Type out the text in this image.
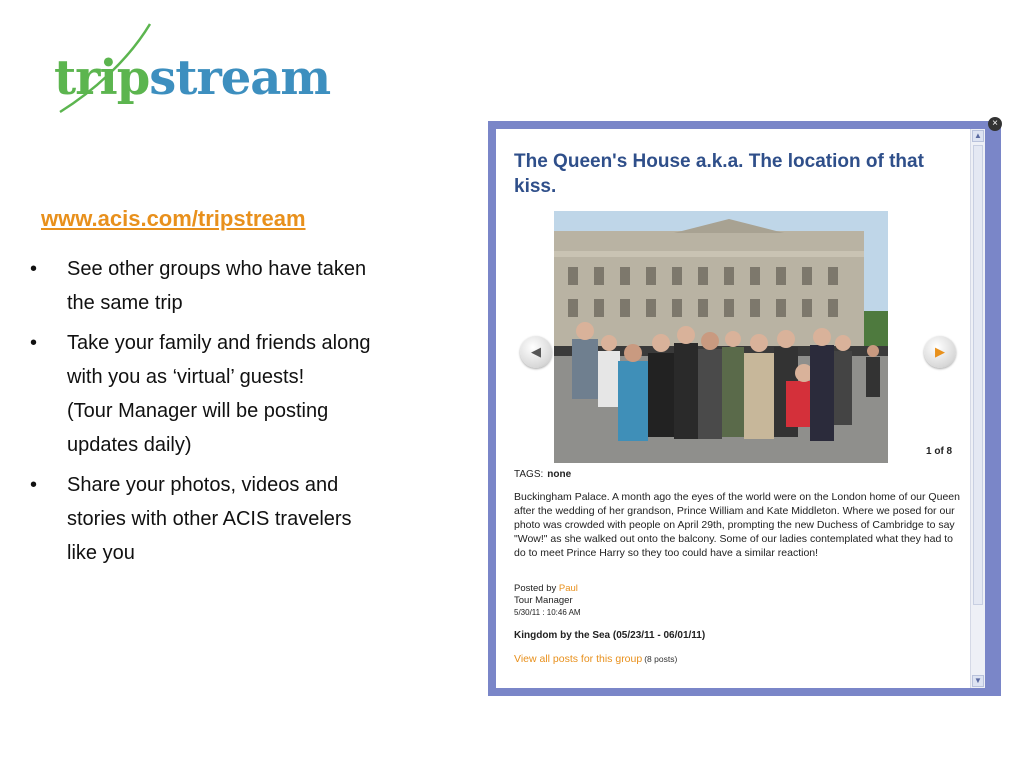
tripstream
www.acis.com/tripstream
• See other groups who have taken
the same trip
• Take your family and friends along
with you as ‘virtual’ guests!
(Tour Manager will be posting
updates daily)
• Share your photos, videos and
stories with other ACIS travelers
like you
×
The Queen's House a.k.a. The location of that kiss.
◀	▶
1 of 8
TAGS: none

Buckingham Palace. A month ago the eyes of the world were on the London home of our Queen after the wedding of her grandson, Prince William and Kate Middleton. Where we posed for our photo was crowded with people on April 29th, prompting the new Duchess of Cambridge to say "Wow!" as she walked out onto the balcony. Some of our ladies contemplated what they had to do to meet Prince Harry so they too could have a similar reaction!

Posted by Paul
Tour Manager
5/30/11 : 10:46 AM
Kingdom by the Sea (05/23/11 - 06/01/11)
View all posts for this group (8 posts)
▲
▼
